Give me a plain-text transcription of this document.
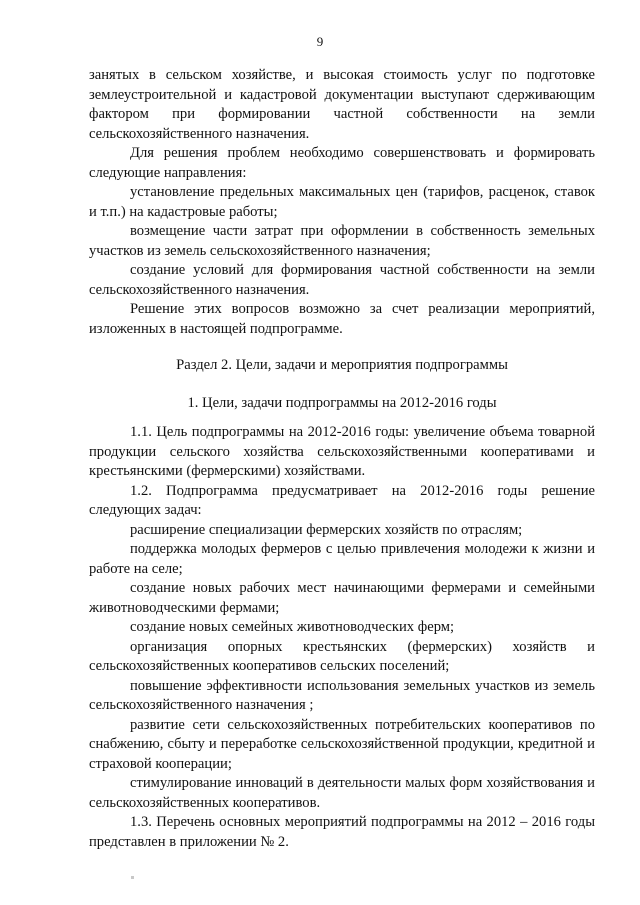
9

занятых в сельском хозяйстве, и высокая стоимость услуг по подготовке землеустроительной и кадастровой документации выступают сдерживающим фактором при формировании частной собственности на земли сельскохозяйственного назначения.

Для решения проблем необходимо совершенствовать и формировать следующие направления:

установление предельных максимальных цен (тарифов, расценок, ставок и т.п.) на кадастровые работы;

возмещение части затрат при оформлении в собственность земельных участков из земель сельскохозяйственного назначения;

создание условий для формирования частной собственности на земли сельскохозяйственного назначения.

Решение этих вопросов возможно за счет реализации мероприятий, изложенных в настоящей подпрограмме.

Раздел 2. Цели, задачи и мероприятия подпрограммы

1. Цели, задачи подпрограммы на 2012-2016 годы

1.1. Цель подпрограммы на 2012-2016 годы: увеличение объема товарной продукции сельского хозяйства сельскохозяйственными кооперативами и крестьянскими (фермерскими) хозяйствами.

1.2. Подпрограмма предусматривает на 2012-2016 годы решение следующих задач:

расширение специализации фермерских хозяйств по отраслям;

поддержка молодых фермеров с целью привлечения молодежи к жизни и работе на селе;

создание новых рабочих мест начинающими фермерами и семейными животноводческими фермами;

создание новых семейных животноводческих ферм;

организация опорных крестьянских (фермерских) хозяйств и сельскохозяйственных кооперативов сельских поселений;

повышение эффективности использования земельных участков из земель сельскохозяйственного назначения ;

развитие сети сельскохозяйственных потребительских кооперативов по снабжению, сбыту и переработке сельскохозяйственной продукции, кредитной и страховой кооперации;

стимулирование инноваций в деятельности малых форм хозяйствования и сельскохозяйственных кооперативов.

1.3. Перечень основных мероприятий подпрограммы на 2012 – 2016 годы представлен в приложении № 2.
